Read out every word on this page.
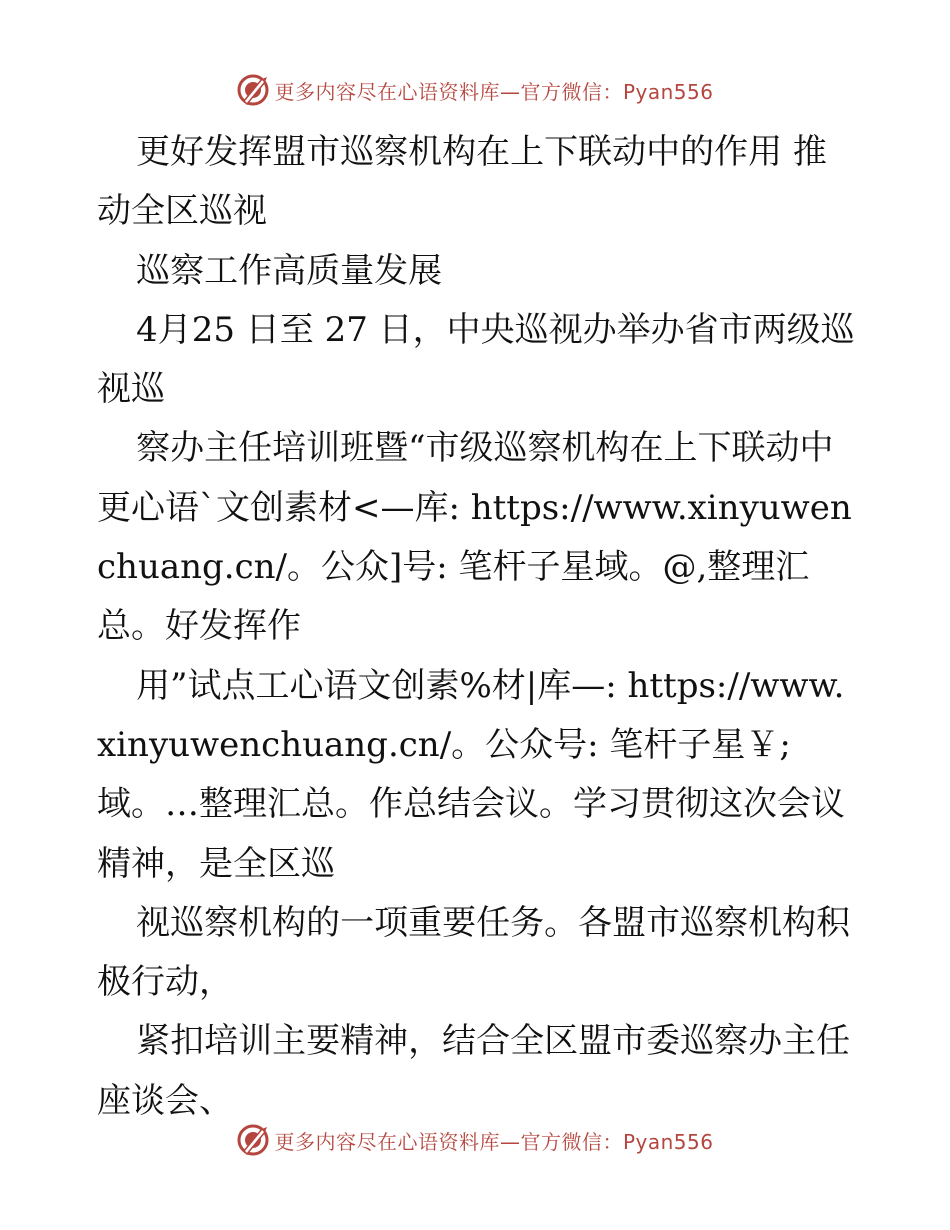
更多内容尽在心语资料库—官方微信：Pyan556

更好发挥盟市巡察机构在上下联动中的作用 推动全区巡视

巡察工作高质量发展

4月25 日至 27 日，中央巡视办举办省市两级巡视巡

察办主任培训班暨“市级巡察机构在上下联动中更心语`文创素材<—库: https://www.xinyuwenchuang.cn/。公众]号: 笔杆子星域。@,整理汇总。好发挥作

用”试点工心语文创素%材|库—: https://www.xinyuwenchuang.cn/。公众号: 笔杆子星￥;域。…整理汇总。作总结会议。学习贯彻这次会议精神，是全区巡

视巡察机构的一项重要任务。各盟市巡察机构积极行动，

紧扣培训主要精神，结合全区盟市委巡察办主任座谈会、

更多内容尽在心语资料库—官方微信：Pyan556
